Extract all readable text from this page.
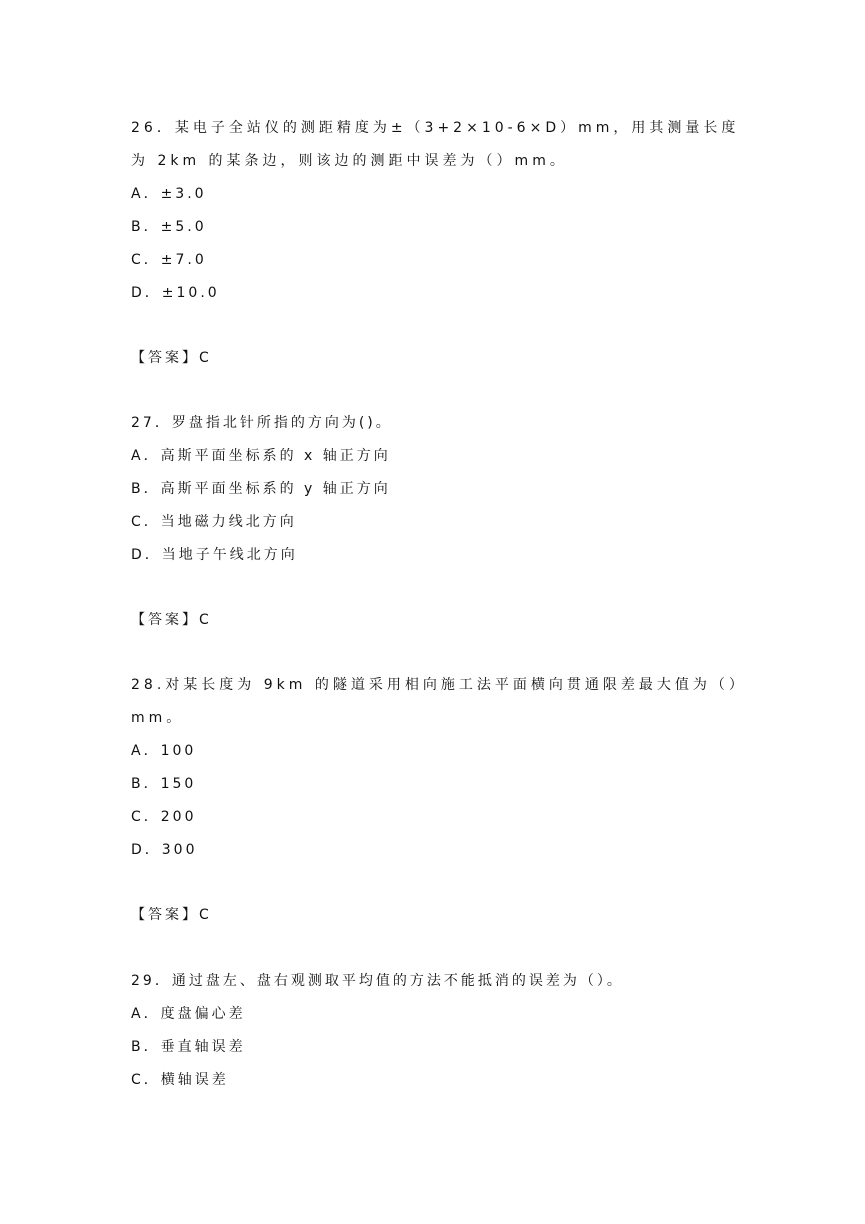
26．某电子全站仪的测距精度为±（3+2×10-6×D）mm，用其测量长度为 2km 的某条边，则该边的测距中误差为（）mm。
A．±3.0
B．±5.0
C．±7.0
D．±10.0
【答案】C
27．罗盘指北针所指的方向为()。
A．高斯平面坐标系的 x 轴正方向
B．高斯平面坐标系的 y 轴正方向
C．当地磁力线北方向
D．当地子午线北方向
【答案】C
28.对某长度为 9km 的隧道采用相向施工法平面横向贯通限差最大值为（）mm。
A．100
B．150
C．200
D．300
【答案】C
29．通过盘左、盘右观测取平均值的方法不能抵消的误差为（）。
A．度盘偏心差
B．垂直轴误差
C．横轴误差
